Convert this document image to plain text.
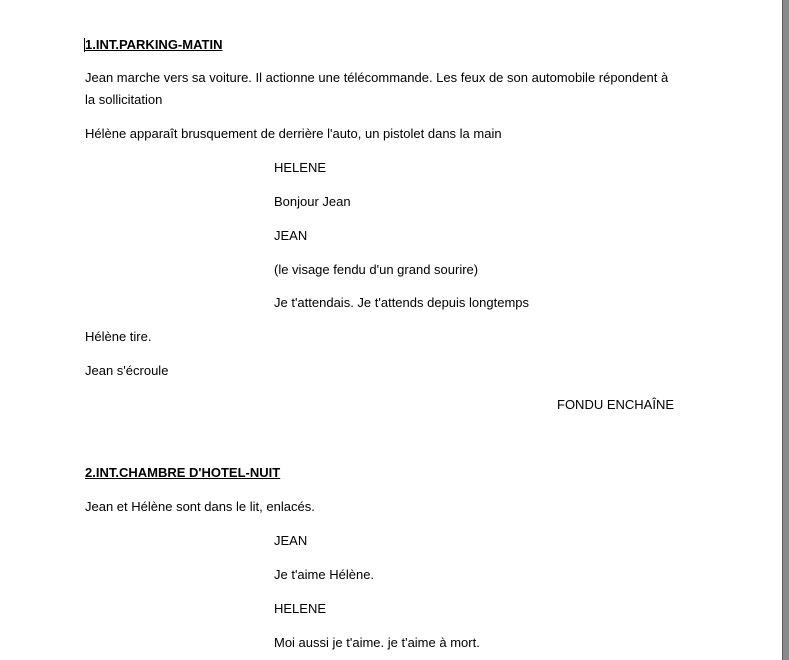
1.INT.PARKING-MATIN
Jean marche vers sa voiture. Il actionne une télécommande. Les feux de son automobile répondent à
la sollicitation
Hélène apparaît brusquement de derrière l'auto, un pistolet dans la main
HELENE
Bonjour Jean
JEAN
(le visage fendu d'un grand sourire)
Je t'attendais. Je t'attends depuis longtemps
Hélène tire.
Jean s'écroule
FONDU ENCHAÎNE
2.INT.CHAMBRE D'HOTEL-NUIT
Jean et Hélène sont dans le lit, enlacés.
JEAN
Je t'aime Hélène.
HELENE
Moi aussi je t'aime. je t'aime à mort.
